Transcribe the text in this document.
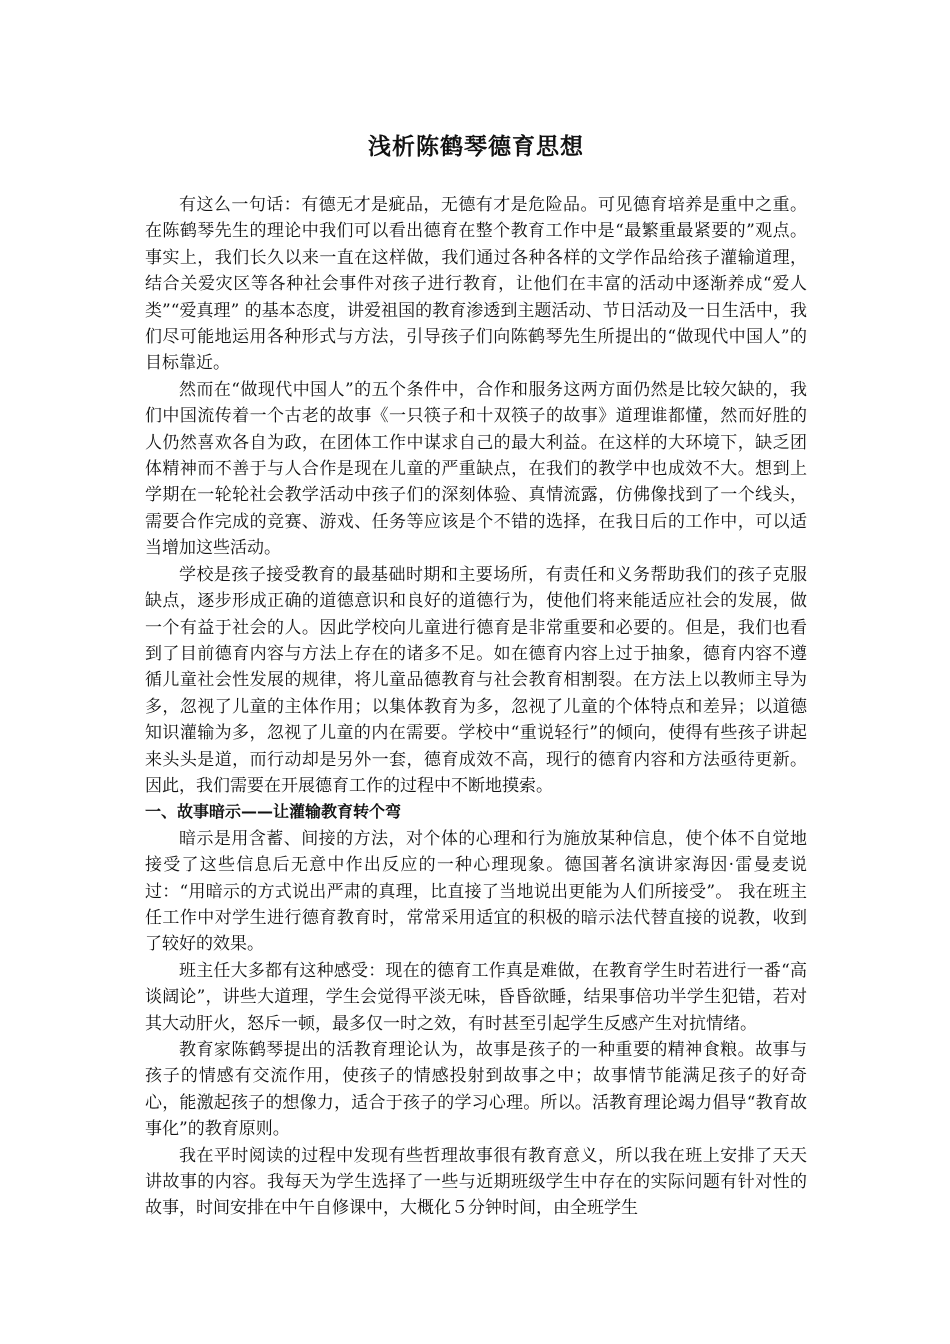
浅析陈鹤琴德育思想

有这么一句话：有德无才是疵品，无德有才是危险品。可见德育培养是重中之重。在陈鹤琴先生的理论中我们可以看出德育在整个教育工作中是“最繁重最紧要的”观点。事实上，我们长久以来一直在这样做，我们通过各种各样的文学作品给孩子灌输道理，结合关爱灾区等各种社会事件对孩子进行教育，让他们在丰富的活动中逐渐养成“爱人类”“爱真理” 的基本态度，讲爱祖国的教育渗透到主题活动、节日活动及一日生活中，我们尽可能地运用各种形式与方法，引导孩子们向陈鹤琴先生所提出的“做现代中国人”的目标靠近。

然而在“做现代中国人”的五个条件中，合作和服务这两方面仍然是比较欠缺的，我们中国流传着一个古老的故事《一只筷子和十双筷子的故事》道理谁都懂，然而好胜的人仍然喜欢各自为政，在团体工作中谋求自己的最大利益。在这样的大环境下，缺乏团体精神而不善于与人合作是现在儿童的严重缺点，在我们的教学中也成效不大。想到上学期在一轮轮社会教学活动中孩子们的深刻体验、真情流露，仿佛像找到了一个线头，需要合作完成的竞赛、游戏、任务等应该是个不错的选择，在我日后的工作中，可以适当增加这些活动。

学校是孩子接受教育的最基础时期和主要场所，有责任和义务帮助我们的孩子克服缺点，逐步形成正确的道德意识和良好的道德行为，使他们将来能适应社会的发展，做一个有益于社会的人。因此学校向儿童进行德育是非常重要和必要的。但是，我们也看到了目前德育内容与方法上存在的诸多不足。如在德育内容上过于抽象，德育内容不遵循儿童社会性发展的规律，将儿童品德教育与社会教育相割裂。在方法上以教师主导为多，忽视了儿童的主体作用；以集体教育为多，忽视了儿童的个体特点和差异；以道德知识灌输为多，忽视了儿童的内在需要。学校中“重说轻行”的倾向，使得有些孩子讲起来头头是道，而行动却是另外一套，德育成效不高，现行的德育内容和方法亟待更新。因此，我们需要在开展德育工作的过程中不断地摸索。

一、故事暗示——让灌输教育转个弯

暗示是用含蓄、间接的方法，对个体的心理和行为施放某种信息，使个体不自觉地接受了这些信息后无意中作出反应的一种心理现象。德国著名演讲家海因·雷曼麦说过：“用暗示的方式说出严肃的真理，比直接了当地说出更能为人们所接受”。 我在班主任工作中对学生进行德育教育时，常常采用适宜的积极的暗示法代替直接的说教，收到了较好的效果。

班主任大多都有这种感受：现在的德育工作真是难做，在教育学生时若进行一番“高谈阔论”，讲些大道理，学生会觉得平淡无味，昏昏欲睡，结果事倍功半学生犯错，若对其大动肝火，怒斥一顿，最多仅一时之效，有时甚至引起学生反感产生对抗情绪。

教育家陈鹤琴提出的活教育理论认为，故事是孩子的一种重要的精神食粮。故事与孩子的情感有交流作用，使孩子的情感投射到故事之中；故事情节能满足孩子的好奇心，能激起孩子的想像力，适合于孩子的学习心理。所以。活教育理论竭力倡导“教育故事化”的教育原则。

我在平时阅读的过程中发现有些哲理故事很有教育意义，所以我在班上安排了天天讲故事的内容。我每天为学生选择了一些与近期班级学生中存在的实际问题有针对性的故事，时间安排在中午自修课中，大概化５分钟时间，由全班学生
